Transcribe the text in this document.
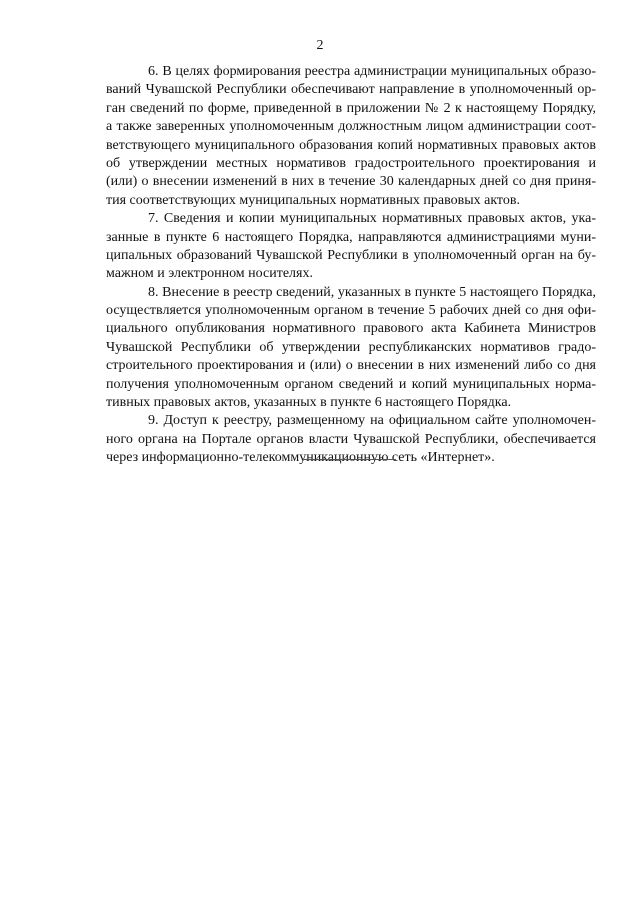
2
6. В целях формирования реестра администрации муниципальных образо-
ваний Чувашской Республики обеспечивают направление в уполномоченный ор-
ган сведений по форме, приведенной в приложении № 2 к настоящему Порядку,
а также заверенных уполномоченным должностным лицом администрации соот-
ветствующего муниципального образования копий нормативных правовых актов
об утверждении местных нормативов градостроительного проектирования и
(или) о внесении изменений в них в течение 30 календарных дней со дня приня-
тия соответствующих муниципальных нормативных правовых актов.
7. Сведения и копии муниципальных нормативных правовых актов, ука-
занные в пункте 6 настоящего Порядка, направляются администрациями муни-
ципальных образований Чувашской Республики в уполномоченный орган на бу-
мажном и электронном носителях.
8. Внесение в реестр сведений, указанных в пункте 5 настоящего Порядка,
осуществляется уполномоченным органом в течение 5 рабочих дней со дня офи-
циального опубликования нормативного правового акта Кабинета Министров
Чувашской Республики об утверждении республиканских нормативов градо-
строительного проектирования и (или) о внесении в них изменений либо со дня
получения уполномоченным органом сведений и копий муниципальных норма-
тивных правовых актов, указанных в пункте 6 настоящего Порядка.
9. Доступ к реестру, размещенному на официальном сайте уполномочен-
ного органа на Портале органов власти Чувашской Республики, обеспечивается
через информационно-телекоммуникационную сеть «Интернет».
